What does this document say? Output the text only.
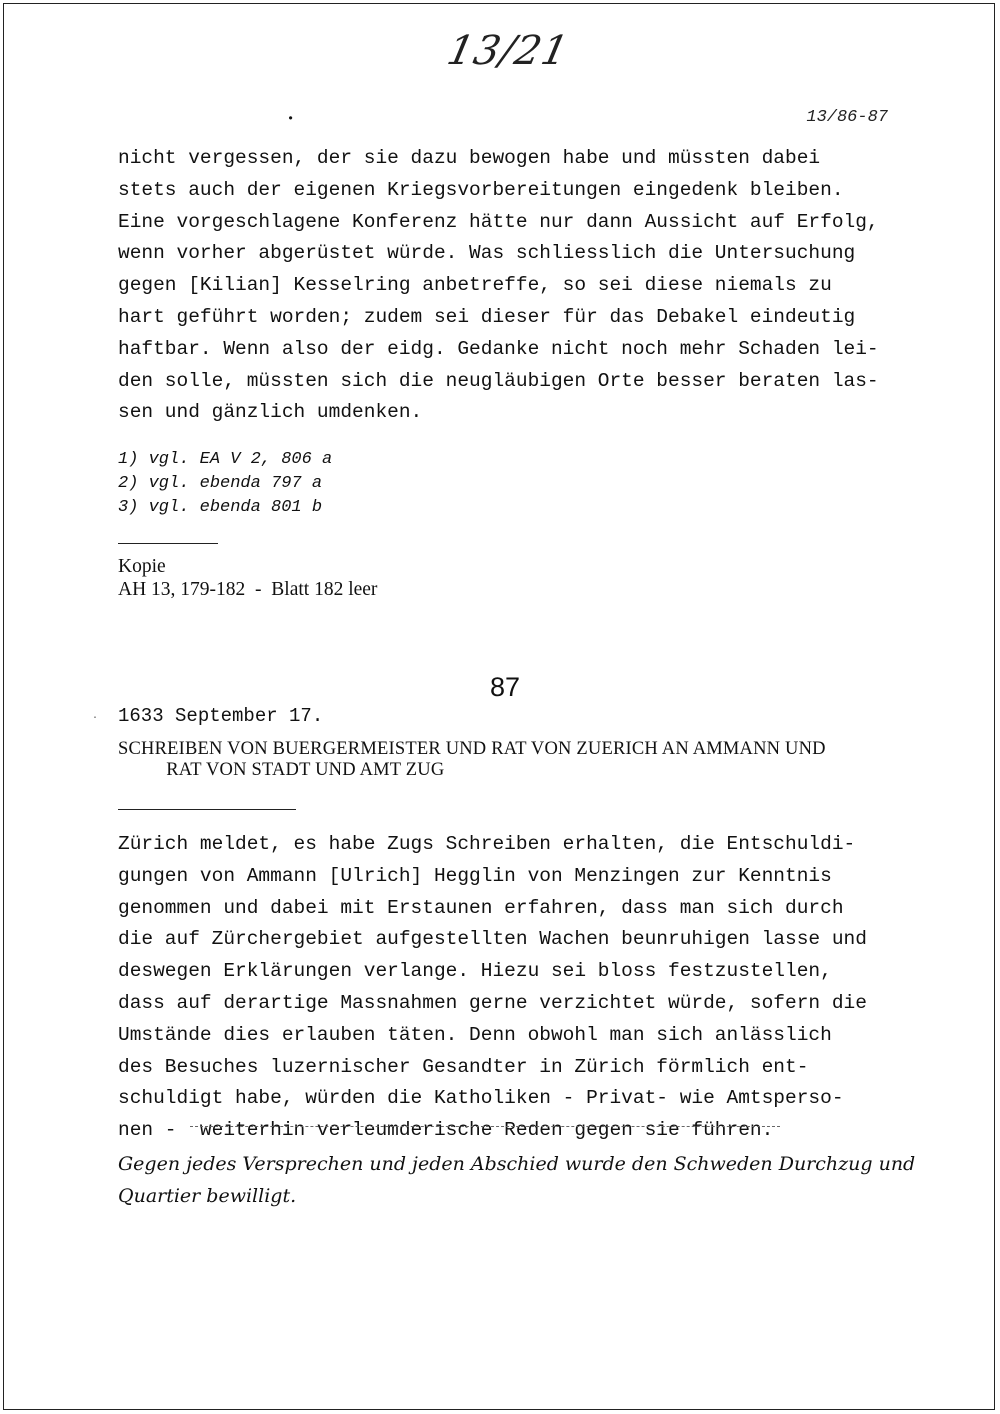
13/21
•	13/86-87
nicht vergessen, der sie dazu bewogen habe und müssten dabei
stets auch der eigenen Kriegsvorbereitungen eingedenk bleiben.
Eine vorgeschlagene Konferenz hätte nur dann Aussicht auf Erfolg,
wenn vorher abgerüstet würde. Was schliesslich die Untersuchung
gegen [Kilian] Kesselring anbetreffe, so sei diese niemals zu
hart geführt worden; zudem sei dieser für das Debakel eindeutig
haftbar. Wenn also der eidg. Gedanke nicht noch mehr Schaden lei-
den solle, müssten sich die neugläubigen Orte besser beraten las-
sen und gänzlich umdenken.
1) vgl. EA V 2, 806 a
2) vgl. ebenda 797 a
3) vgl. ebenda 801 b
Kopie
AH 13, 179-182  -  Blatt 182 leer
87
· 1633 September 17.
SCHREIBEN VON BUERGERMEISTER UND RAT VON ZUERICH AN AMMANN UND
RAT VON STADT UND AMT ZUG
Zürich meldet, es habe Zugs Schreiben erhalten, die Entschuldi-
gungen von Ammann [Ulrich] Hegglin von Menzingen zur Kenntnis
genommen und dabei mit Erstaunen erfahren, dass man sich durch
die auf Zürchergebiet aufgestellten Wachen beunruhigen lasse und
deswegen Erklärungen verlange. Hiezu sei bloss festzustellen,
dass auf derartige Massnahmen gerne verzichtet würde, sofern die
Umstände dies erlauben täten. Denn obwohl man sich anlässlich
des Besuches luzernischer Gesandter in Zürich förmlich ent-
schuldigt habe, würden die Katholiken - Privat- wie Amtsperso-
nen -  weiterhin verleumderische Reden gegen sie führen.
Gegen jedes Versprechen und jeden Abschied wurde den Schweden Durchzug und
Quartier bewilligt.
